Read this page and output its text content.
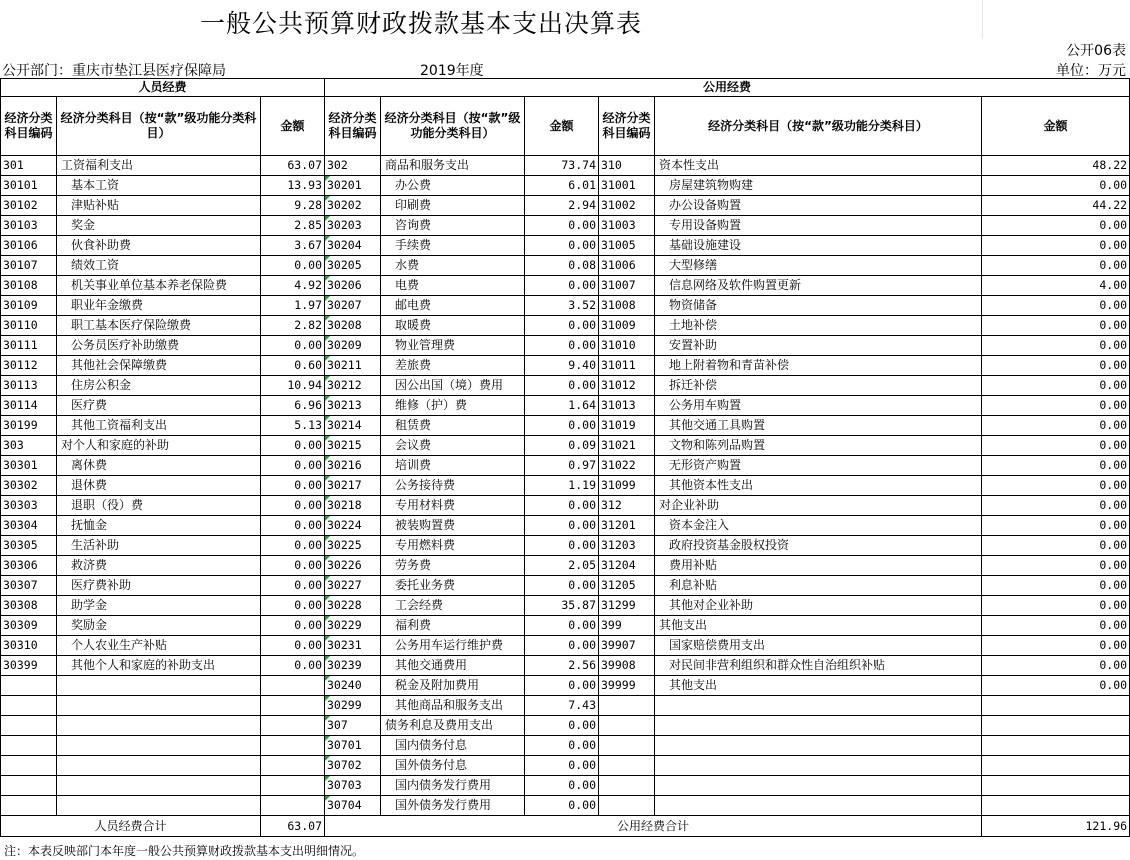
一般公共预算财政拨款基本支出决算表
公开06表
公开部门：重庆市垫江县医疗保障局	2019年度	单位：万元
人员经费			公用经费					
经济分类科目编码	经济分类科目（按“款”级功能分类科目）	金额	经济分类科目编码	经济分类科目（按“款”级功能分类科目）	金额	经济分类科目编码	经济分类科目（按“款”级功能分类科目）	金额
301	工资福利支出	63.07	302	商品和服务支出	73.74	310	资本性支出	48.22
30101	基本工资	13.93	30201	办公费	6.01	31001	房屋建筑物购建	0.00
30102	津贴补贴	9.28	30202	印刷费	2.94	31002	办公设备购置	44.22
30103	奖金	2.85	30203	咨询费	0.00	31003	专用设备购置	0.00
30106	伙食补助费	3.67	30204	手续费	0.00	31005	基础设施建设	0.00
30107	绩效工资	0.00	30205	水费	0.08	31006	大型修缮	0.00
30108	机关事业单位基本养老保险费	4.92	30206	电费	0.00	31007	信息网络及软件购置更新	4.00
30109	职业年金缴费	1.97	30207	邮电费	3.52	31008	物资储备	0.00
30110	职工基本医疗保险缴费	2.82	30208	取暖费	0.00	31009	土地补偿	0.00
30111	公务员医疗补助缴费	0.00	30209	物业管理费	0.00	31010	安置补助	0.00
30112	其他社会保障缴费	0.60	30211	差旅费	9.40	31011	地上附着物和青苗补偿	0.00
30113	住房公积金	10.94	30212	因公出国（境）费用	0.00	31012	拆迁补偿	0.00
30114	医疗费	6.96	30213	维修（护）费	1.64	31013	公务用车购置	0.00
30199	其他工资福利支出	5.13	30214	租赁费	0.00	31019	其他交通工具购置	0.00
303	对个人和家庭的补助	0.00	30215	会议费	0.09	31021	文物和陈列品购置	0.00
30301	离休费	0.00	30216	培训费	0.97	31022	无形资产购置	0.00
30302	退休费	0.00	30217	公务接待费	1.19	31099	其他资本性支出	0.00
30303	退职（役）费	0.00	30218	专用材料费	0.00	312	对企业补助	0.00
30304	抚恤金	0.00	30224	被装购置费	0.00	31201	资本金注入	0.00
30305	生活补助	0.00	30225	专用燃料费	0.00	31203	政府投资基金股权投资	0.00
30306	救济费	0.00	30226	劳务费	2.05	31204	费用补贴	0.00
30307	医疗费补助	0.00	30227	委托业务费	0.00	31205	利息补贴	0.00
30308	助学金	0.00	30228	工会经费	35.87	31299	其他对企业补助	0.00
30309	奖励金	0.00	30229	福利费	0.00	399	其他支出	0.00
30310	个人农业生产补贴	0.00	30231	公务用车运行维护费	0.00	39907	国家赔偿费用支出	0.00
30399	其他个人和家庭的补助支出	0.00	30239	其他交通费用	2.56	39908	对民间非营利组织和群众性自治组织补贴	0.00
			30240	税金及附加费用	0.00	39999	其他支出	0.00
			30299	其他商品和服务支出	7.43			
			307	债务利息及费用支出	0.00			
			30701	国内债务付息	0.00			
			30702	国外债务付息	0.00			
			30703	国内债务发行费用	0.00			
			30704	国外债务发行费用	0.00			
人员经费合计		63.07	公用经费合计					121.96
注：本表反映部门本年度一般公共预算财政拨款基本支出明细情况。
